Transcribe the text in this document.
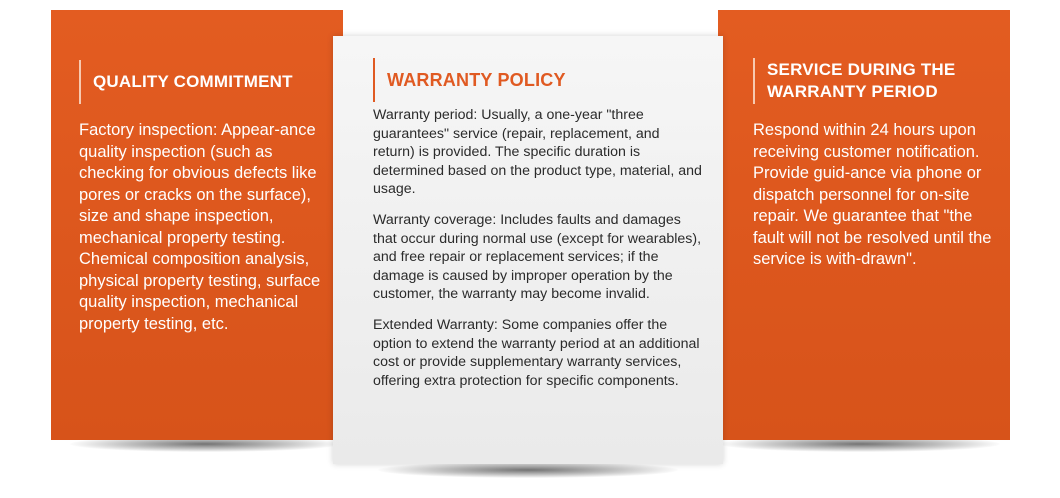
QUALITY COMMITMENT

Factory inspection: Appear-ance quality inspection (such as checking for obvious defects like pores or cracks on the surface), size and shape inspection, mechanical property testing. Chemical composition analysis, physical property testing, surface quality inspection, mechanical property testing, etc.

WARRANTY POLICY

Warranty period: Usually, a one-year "three guarantees" service (repair, replacement, and return) is provided. The specific duration is determined based on the product type, material, and usage.

Warranty coverage: Includes faults and damages that occur during normal use (except for wearables), and free repair or replacement services; if the damage is caused by improper operation by the customer, the warranty may become invalid.

Extended Warranty: Some companies offer the option to extend the warranty period at an additional cost or provide supplementary warranty services, offering extra protection for specific components.

SERVICE DURING THE WARRANTY PERIOD

Respond within 24 hours upon receiving customer notification. Provide guid-ance via phone or dispatch personnel for on-site repair. We guarantee that "the fault will not be resolved until the service is with-drawn".
